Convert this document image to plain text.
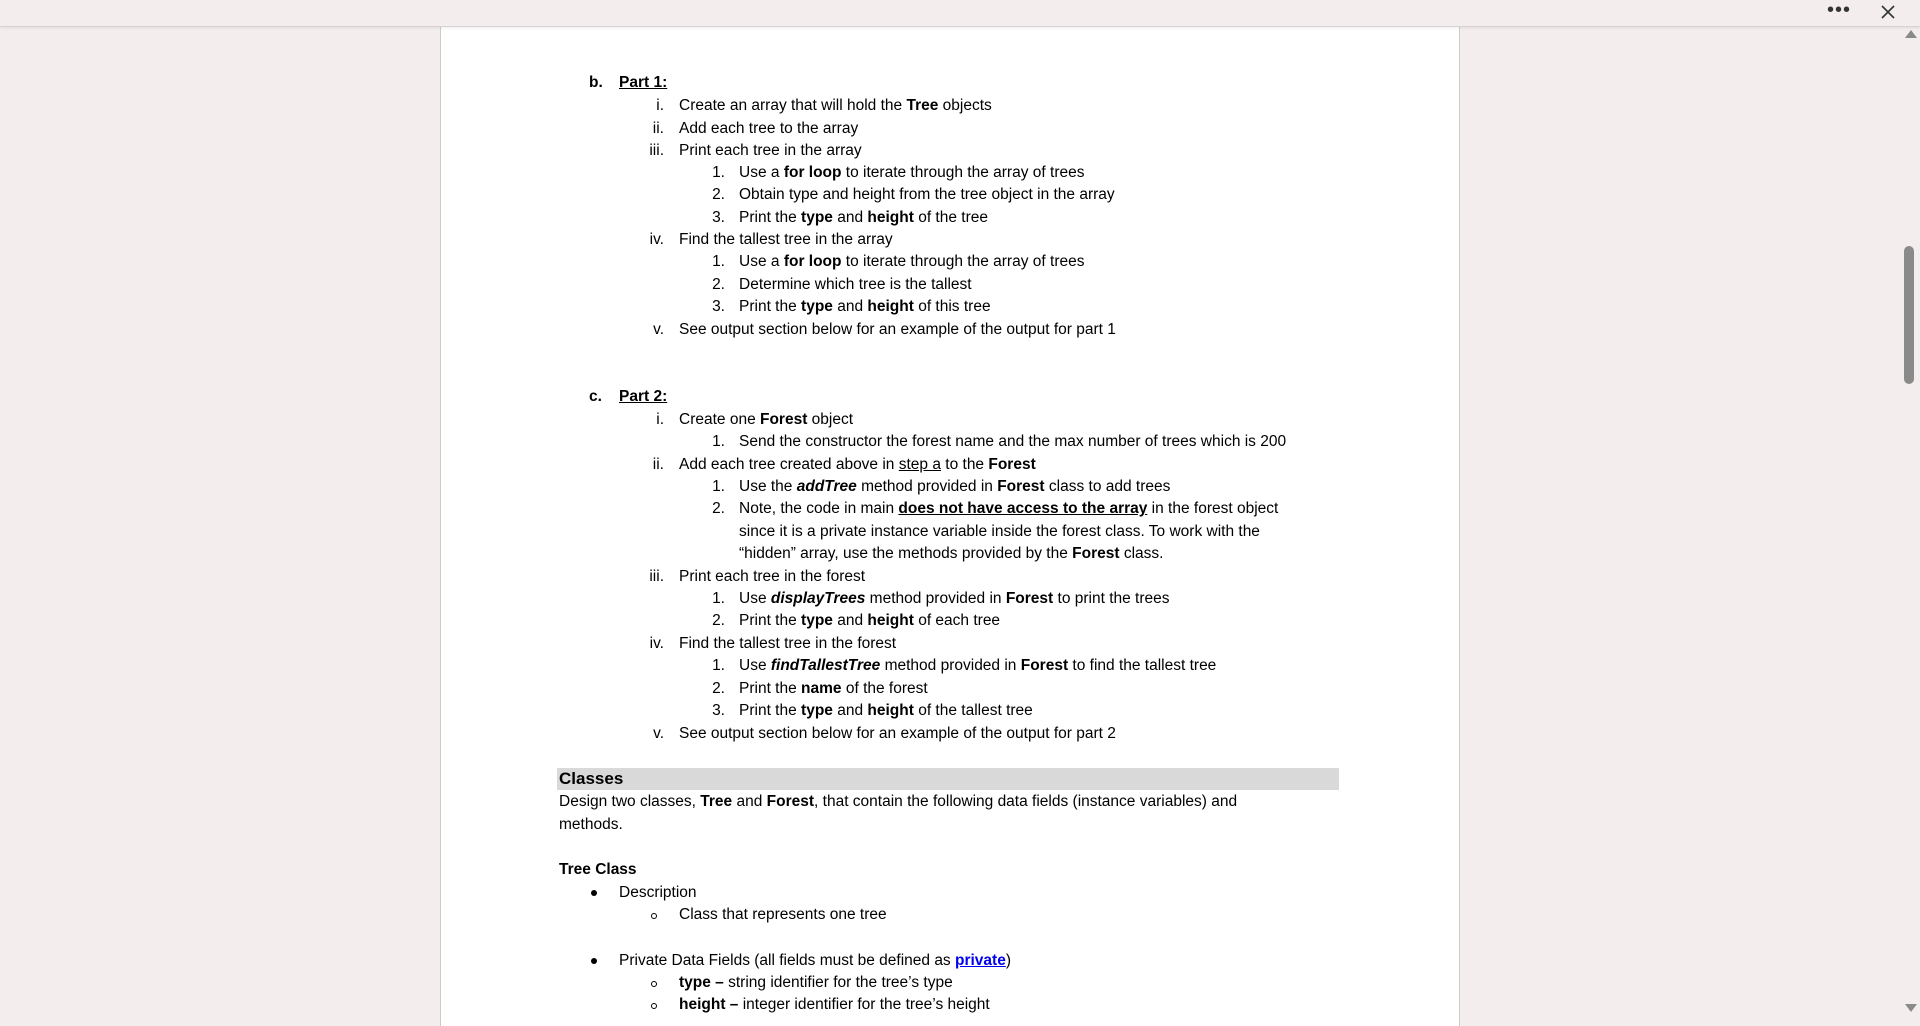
•••
b. Part 1:
i. Create an array that will hold the Tree objects
ii. Add each tree to the array
iii. Print each tree in the array
1. Use a for loop to iterate through the array of trees
2. Obtain type and height from the tree object in the array
3. Print the type and height of the tree
iv. Find the tallest tree in the array
1. Use a for loop to iterate through the array of trees
2. Determine which tree is the tallest
3. Print the type and height of this tree
v. See output section below for an example of the output for part 1
c. Part 2:
i. Create one Forest object
1. Send the constructor the forest name and the max number of trees which is 200
ii. Add each tree created above in step a to the Forest
1. Use the addTree method provided in Forest class to add trees
2. Note, the code in main does not have access to the array in the forest object
since it is a private instance variable inside the forest class. To work with the
“hidden” array, use the methods provided by the Forest class.
iii. Print each tree in the forest
1. Use displayTrees method provided in Forest to print the trees
2. Print the type and height of each tree
iv. Find the tallest tree in the forest
1. Use findTallestTree method provided in Forest to find the tallest tree
2. Print the name of the forest
3. Print the type and height of the tallest tree
v. See output section below for an example of the output for part 2
Classes
Design two classes, Tree and Forest, that contain the following data fields (instance variables) and
methods.
Tree Class
Description
Class that represents one tree
Private Data Fields (all fields must be defined as private)
type – string identifier for the tree’s type
height – integer identifier for the tree’s height
